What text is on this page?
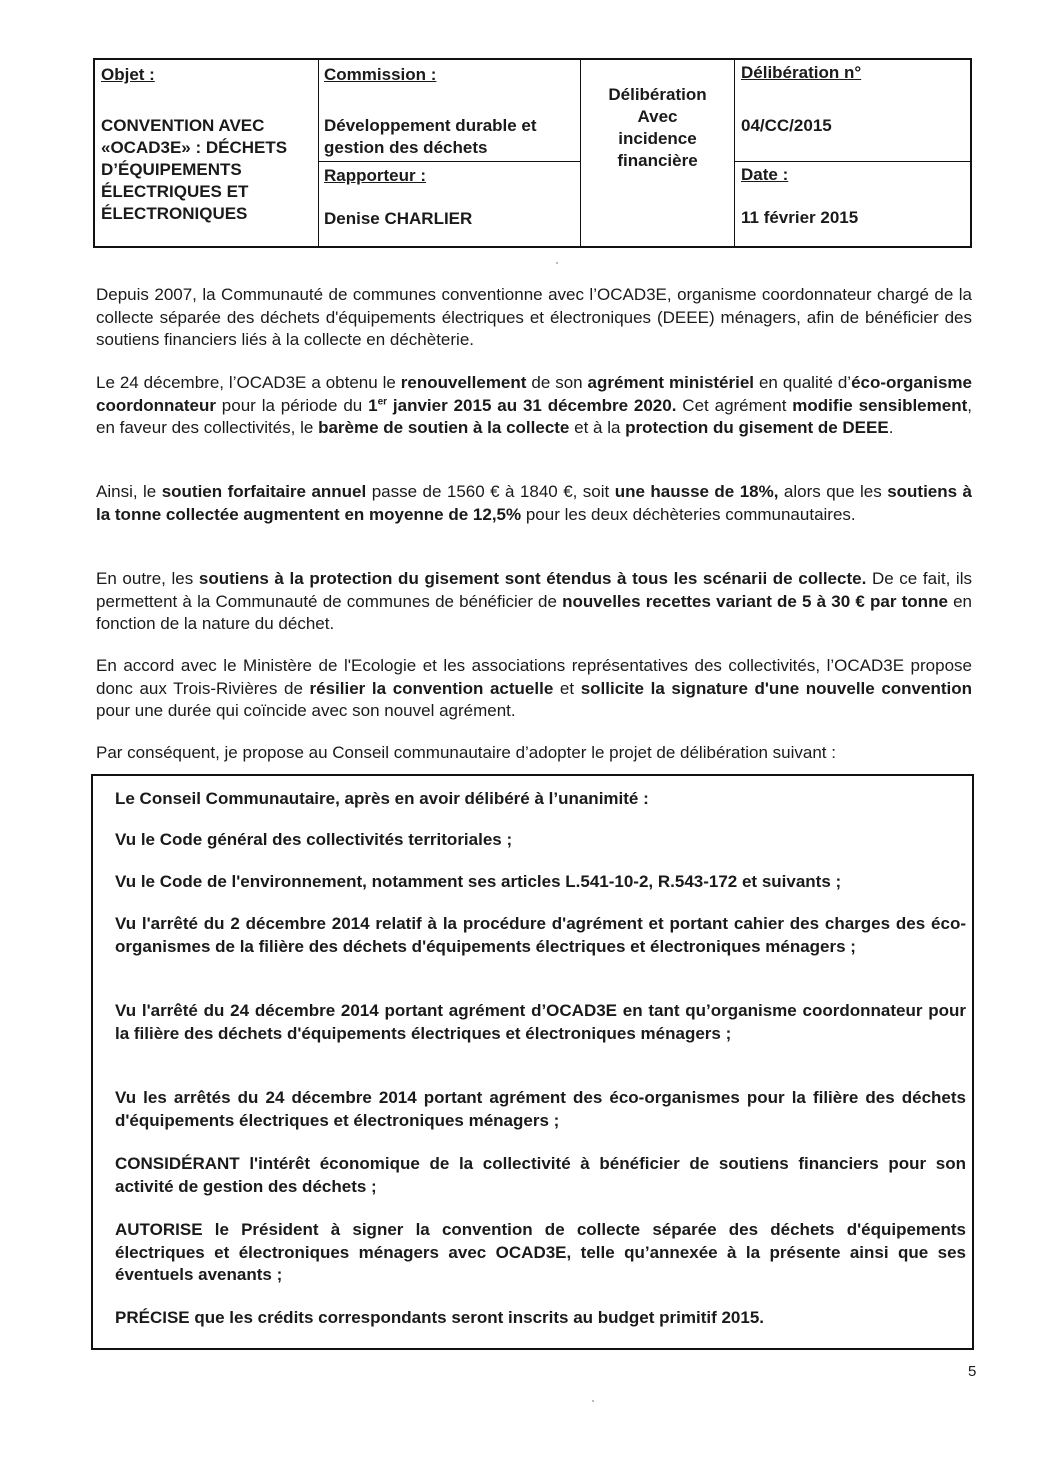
Objet :
CONVENTION AVEC
«OCAD3E» : DÉCHETS
D’ÉQUIPEMENTS
ÉLECTRIQUES ET
ÉLECTRONIQUES
Commission :
Développement durable et
gestion des déchets
Rapporteur :
Denise CHARLIER
Délibération
Avec
incidence
financière
Délibération n°
04/CC/2015
Date :
11 février 2015

Depuis 2007, la Communauté de communes conventionne avec l’OCAD3E, organisme coordonnateur chargé de la collecte séparée des déchets d'équipements électriques et électroniques (DEEE) ménagers, afin de bénéficier des soutiens financiers liés à la collecte en déchèterie.

Le 24 décembre, l’OCAD3E a obtenu le renouvellement de son agrément ministériel en qualité d’éco-organisme coordonnateur pour la période du 1er janvier 2015 au 31 décembre 2020. Cet agrément modifie sensiblement, en faveur des collectivités, le barème de soutien à la collecte et à la protection du gisement de DEEE.

Ainsi, le soutien forfaitaire annuel passe de 1560 € à 1840 €, soit une hausse de 18%, alors que les soutiens à la tonne collectée augmentent en moyenne de 12,5% pour les deux déchèteries communautaires.

En outre, les soutiens à la protection du gisement sont étendus à tous les scénarii de collecte. De ce fait, ils permettent à la Communauté de communes de bénéficier de nouvelles recettes variant de 5 à 30 € par tonne en fonction de la nature du déchet.

En accord avec le Ministère de l'Ecologie et les associations représentatives des collectivités, l’OCAD3E propose donc aux Trois-Rivières de résilier la convention actuelle et sollicite la signature d'une nouvelle convention pour une durée qui coïncide avec son nouvel agrément.

Par conséquent, je propose au Conseil communautaire d’adopter le projet de délibération suivant :

Le Conseil Communautaire, après en avoir délibéré à l’unanimité :
Vu le Code général des collectivités territoriales ;
Vu le Code de l'environnement, notamment ses articles L.541-10-2, R.543-172 et suivants ;
Vu l'arrêté du 2 décembre 2014 relatif à la procédure d'agrément et portant cahier des charges des éco-organismes de la filière des déchets d'équipements électriques et électroniques ménagers ;
Vu l'arrêté du 24 décembre 2014 portant agrément d’OCAD3E en tant qu’organisme coordonnateur pour la filière des déchets d'équipements électriques et électroniques ménagers ;
Vu les arrêtés du 24 décembre 2014 portant agrément des éco-organismes pour la filière des déchets d'équipements électriques et électroniques ménagers ;
CONSIDÉRANT l'intérêt économique de la collectivité à bénéficier de soutiens financiers pour son activité de gestion des déchets ;
AUTORISE le Président à signer la convention de collecte séparée des déchets d'équipements électriques et électroniques ménagers avec OCAD3E, telle qu’annexée à la présente ainsi que ses éventuels avenants ;
PRÉCISE que les crédits correspondants seront inscrits au budget primitif 2015.
5
